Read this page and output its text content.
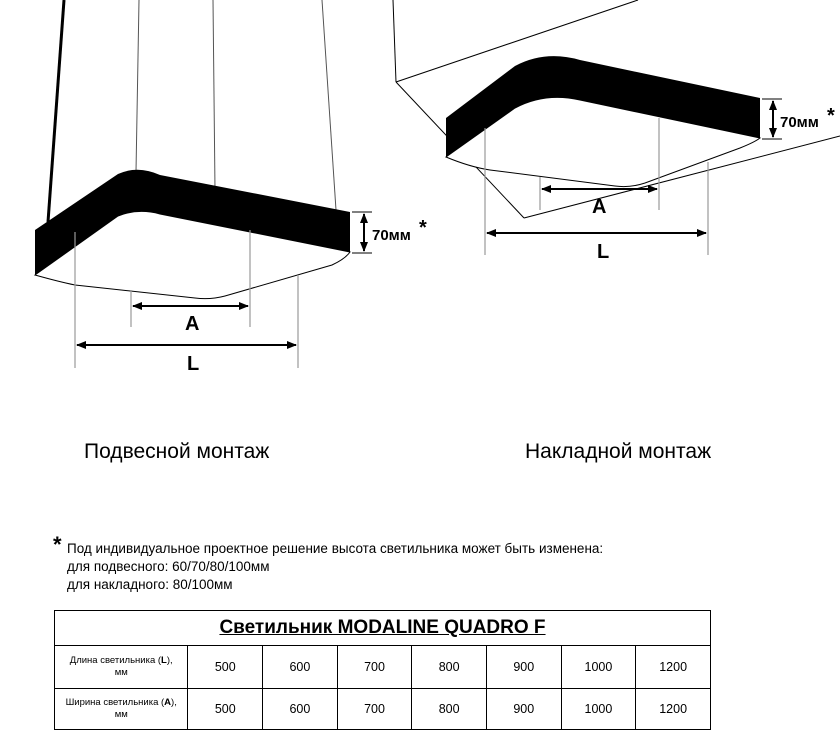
70мм *
A
L
70мм *
A
L
Подвесной монтаж	Накладной монтаж
* Под индивидуальное проектное решение высота светильника может быть изменена:
для подвесного: 60/70/80/100мм
для накладного: 80/100мм
Светильник MODALINE QUADRO F							
Длина светильника (L),
мм	500	600	700	800	900	1000	1200
Ширина светильника (A),
мм	500	600	700	800	900	1000	1200
